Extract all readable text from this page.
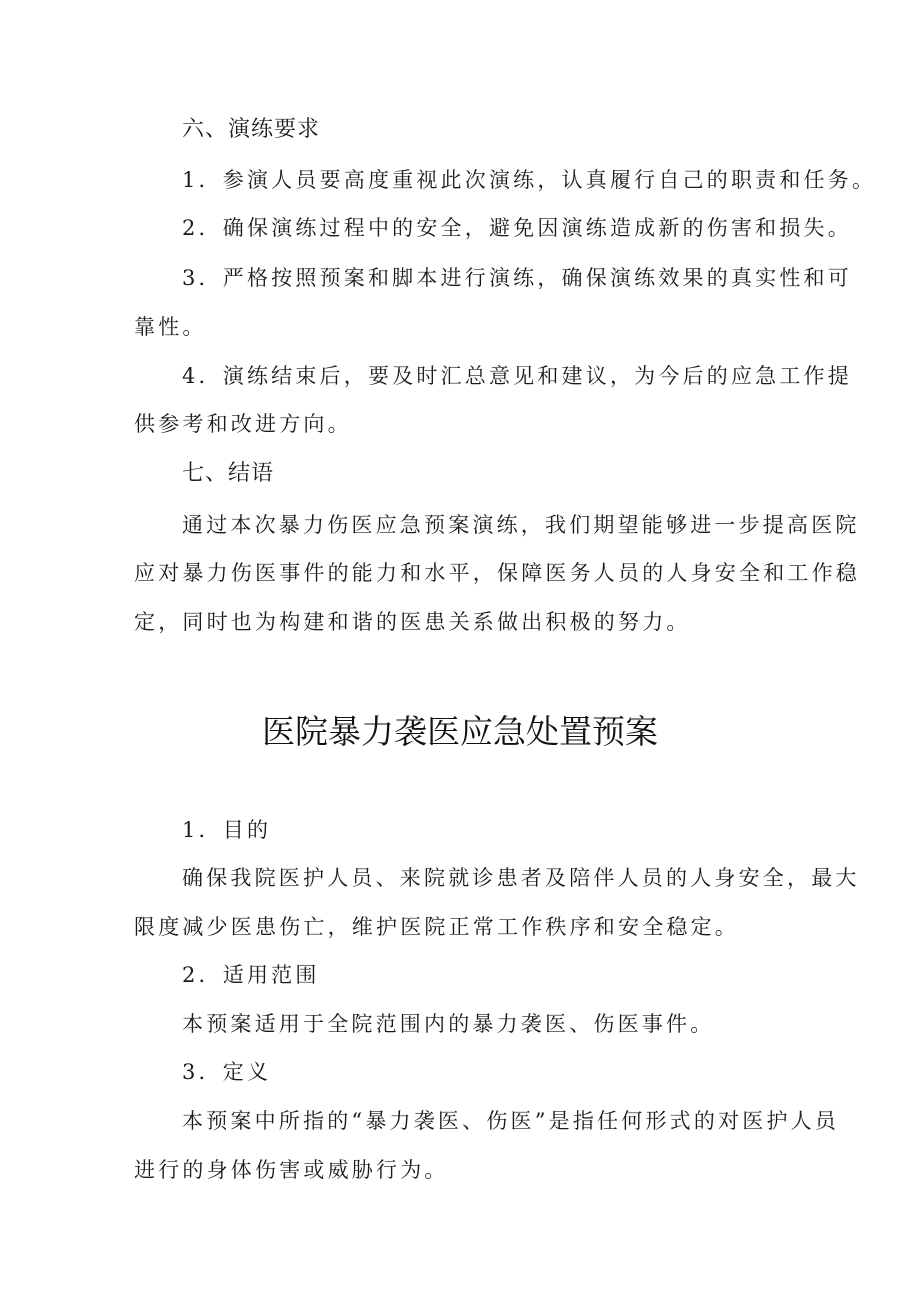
六、演练要求
1．参演人员要高度重视此次演练，认真履行自己的职责和任务。
2．确保演练过程中的安全，避免因演练造成新的伤害和损失。
3．严格按照预案和脚本进行演练，确保演练效果的真实性和可
靠性。
4．演练结束后，要及时汇总意见和建议，为今后的应急工作提
供参考和改进方向。
七、结语
通过本次暴力伤医应急预案演练，我们期望能够进一步提高医院
应对暴力伤医事件的能力和水平，保障医务人员的人身安全和工作稳
定，同时也为构建和谐的医患关系做出积极的努力。
医院暴力袭医应急处置预案
1．目的
确保我院医护人员、来院就诊患者及陪伴人员的人身安全，最大
限度减少医患伤亡，维护医院正常工作秩序和安全稳定。
2．适用范围
本预案适用于全院范围内的暴力袭医、伤医事件。
3．定义
本预案中所指的“暴力袭医、伤医”是指任何形式的对医护人员
进行的身体伤害或威胁行为。
